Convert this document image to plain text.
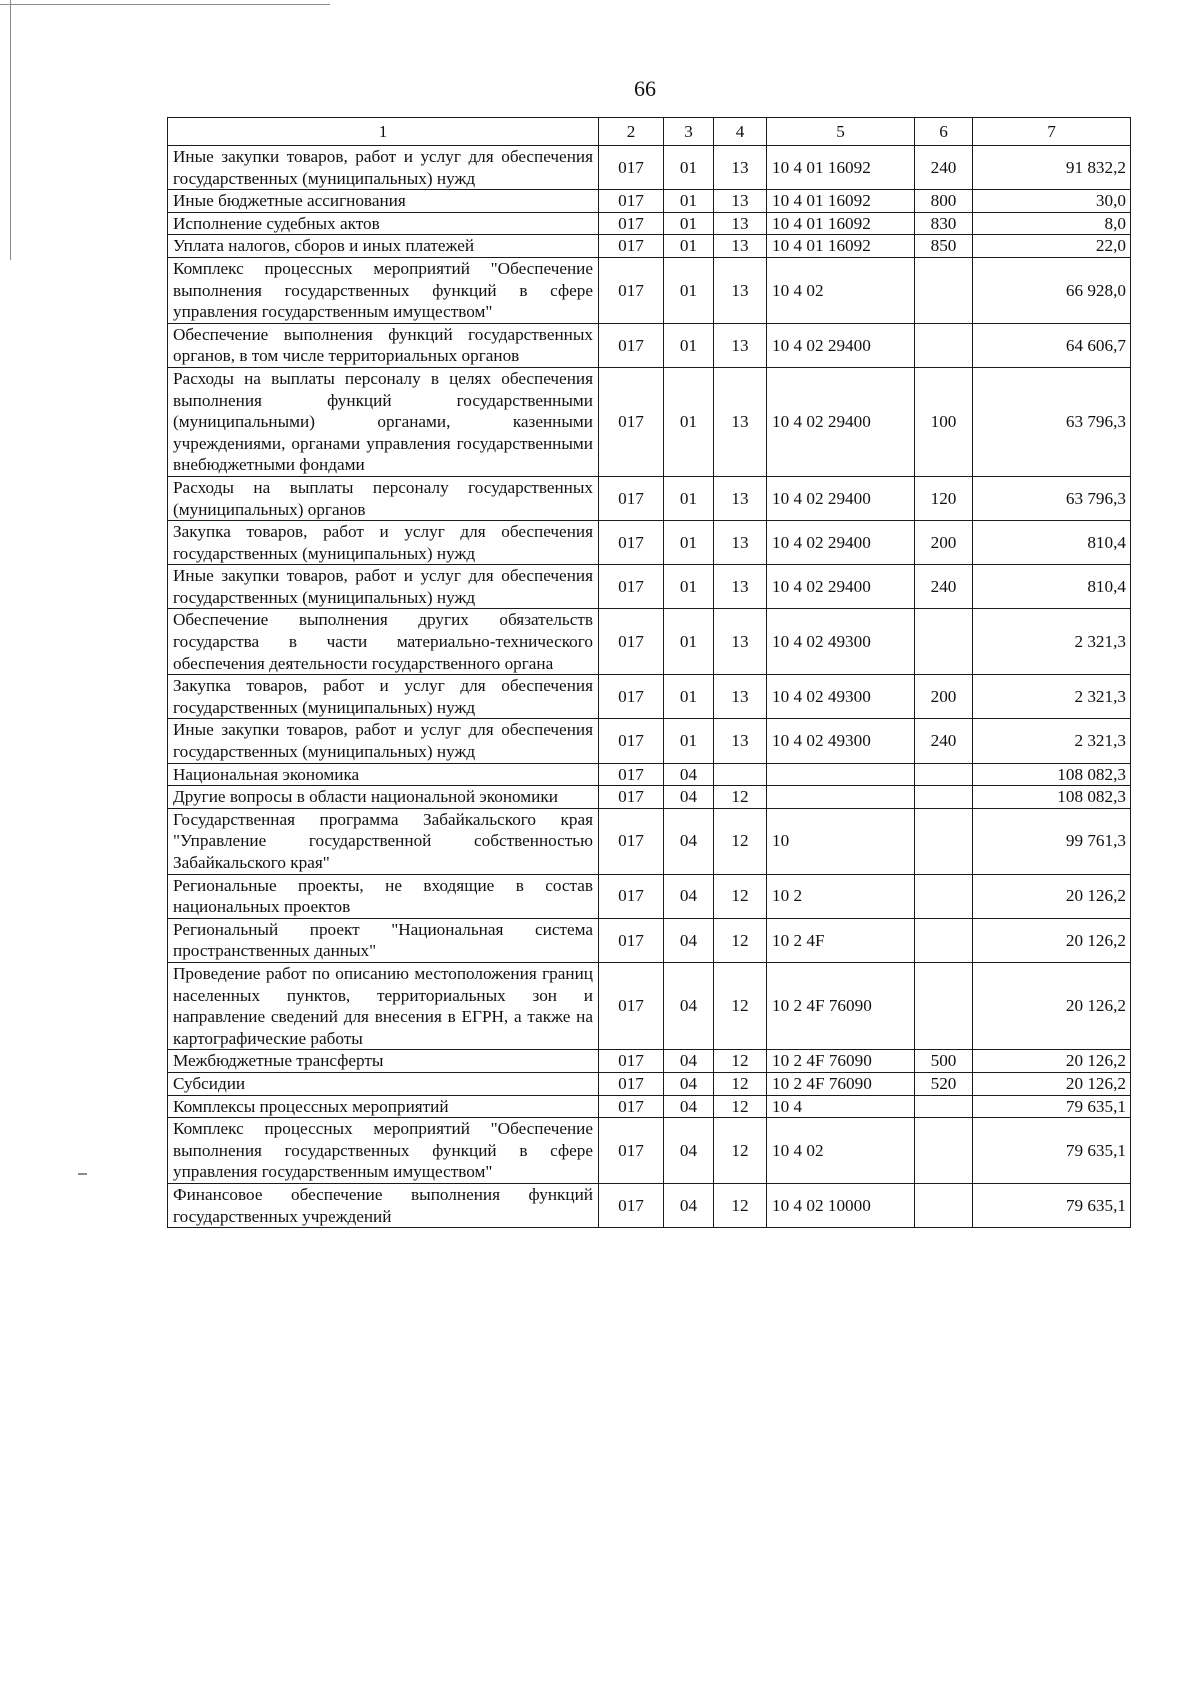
66
1	2	3	4	5	6	7
Иные закупки товаров, работ и услуг для обеспечения государственных (муниципальных) нужд	017	01	13	10 4 01 16092	240	91 832,2
Иные бюджетные ассигнования	017	01	13	10 4 01 16092	800	30,0
Исполнение судебных актов	017	01	13	10 4 01 16092	830	8,0
Уплата налогов, сборов и иных платежей	017	01	13	10 4 01 16092	850	22,0
Комплекс процессных мероприятий "Обеспечение выполнения государственных функций в сфере управления государственным имуществом"	017	01	13	10 4 02		66 928,0
Обеспечение выполнения функций государственных органов, в том числе территориальных органов	017	01	13	10 4 02 29400		64 606,7
Расходы на выплаты персоналу в целях обеспечения выполнения функций государственными (муниципальными) органами, казенными учреждениями, органами управления государственными внебюджетными фондами	017	01	13	10 4 02 29400	100	63 796,3
Расходы на выплаты персоналу государственных (муниципальных) органов	017	01	13	10 4 02 29400	120	63 796,3
Закупка товаров, работ и услуг для обеспечения государственных (муниципальных) нужд	017	01	13	10 4 02 29400	200	810,4
Иные закупки товаров, работ и услуг для обеспечения государственных (муниципальных) нужд	017	01	13	10 4 02 29400	240	810,4
Обеспечение выполнения других обязательств государства в части материально-технического обеспечения деятельности государственного органа	017	01	13	10 4 02 49300		2 321,3
Закупка товаров, работ и услуг для обеспечения государственных (муниципальных) нужд	017	01	13	10 4 02 49300	200	2 321,3
Иные закупки товаров, работ и услуг для обеспечения государственных (муниципальных) нужд	017	01	13	10 4 02 49300	240	2 321,3
Национальная экономика	017	04				108 082,3
Другие вопросы в области национальной экономики	017	04	12			108 082,3
Государственная программа Забайкальского края "Управление государственной собственностью Забайкальского края"	017	04	12	10		99 761,3
Региональные проекты, не входящие в состав национальных проектов	017	04	12	10 2		20 126,2
Региональный проект "Национальная система пространственных данных"	017	04	12	10 2 4F		20 126,2
Проведение работ по описанию местоположения границ населенных пунктов, территориальных зон и направление сведений для внесения в ЕГРН, а также на картографические работы	017	04	12	10 2 4F 76090		20 126,2
Межбюджетные трансферты	017	04	12	10 2 4F 76090	500	20 126,2
Субсидии	017	04	12	10 2 4F 76090	520	20 126,2
Комплексы процессных мероприятий	017	04	12	10 4		79 635,1
Комплекс процессных мероприятий "Обеспечение выполнения государственных функций в сфере управления государственным имуществом"	017	04	12	10 4 02		79 635,1
Финансовое обеспечение выполнения функций государственных учреждений	017	04	12	10 4 02 10000		79 635,1
